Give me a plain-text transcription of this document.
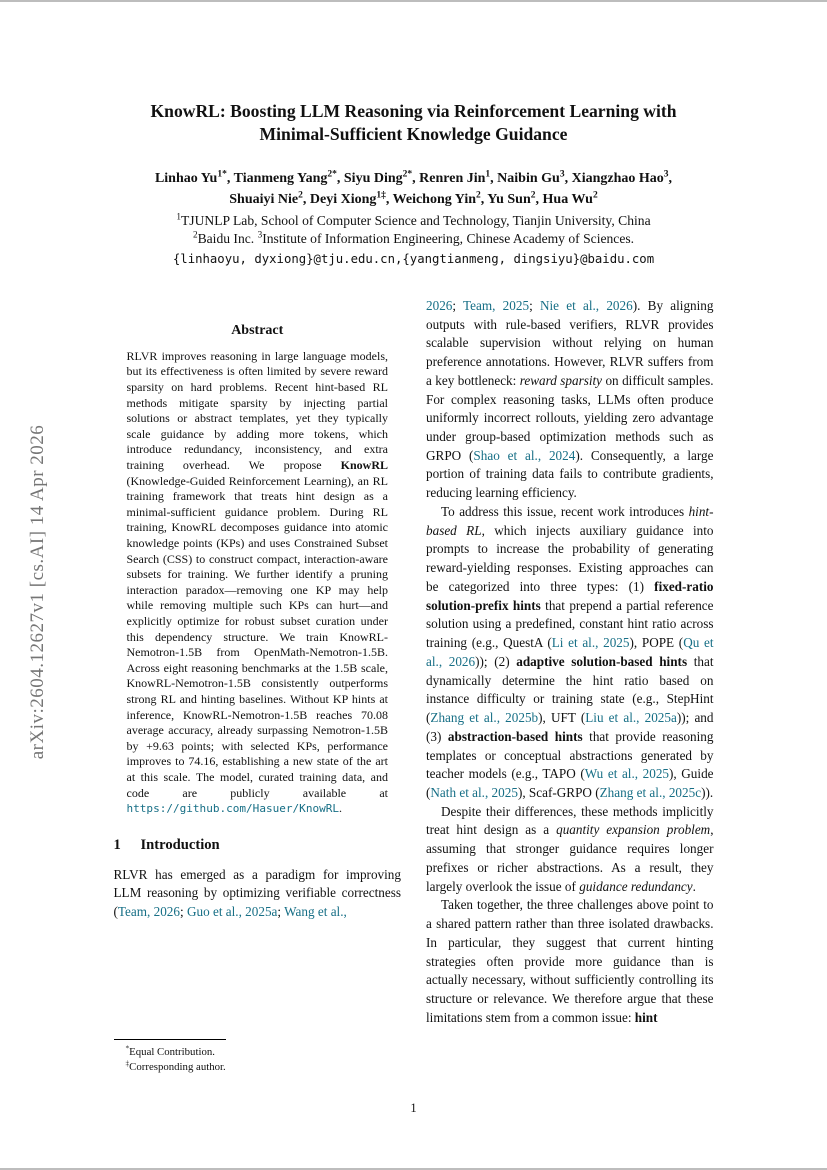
arXiv:2604.12627v1 [cs.AI] 14 Apr 2026
KnowRL: Boosting LLM Reasoning via Reinforcement Learning with
Minimal-Sufficient Knowledge Guidance

Linhao $Yu^{1*}$, Tianmeng Yang$^{2*}$, Siyu Ding$^{2*}$, Renren Jin$^1$, Naibin Gu$^3$, Xiangzhao Hao$^3$,

Shuaiyi Nie$^2$, Deyi Xiong$^{1\ddagger}$, Weichong Yin$^2$, Yu Sun$^2$, Hua Wu$^2$

$^1$TJUNLP Lab, School of Computer Science and Technology, Tianjin University, China

$^2$Baidu Inc. $^3$Institute of Information Engineering, Chinese Academy of Sciences.

{linhaoyu, dyxiong}@tju.edu.cn,{yangtianmeng, dingsiyu}@baidu.com

Abstract

RLVR improves reasoning in large language models, but its effectiveness is often limited by severe reward sparsity on hard problems. Recent hint-based RL methods mitigate sparsity by injecting partial solutions or abstract templates, yet they typically scale guidance by adding more tokens, which introduce redundancy, inconsistency, and extra training overhead. We propose KnowRL (Knowledge-Guided Reinforcement Learning), an RL training framework that treats hint design as a minimal-sufficient guidance problem. During RL training, KnowRL decomposes guidance into atomic knowledge points (KPs) and uses Constrained Subset Search (CSS) to construct compact, interaction-aware subsets for training. We further identify a pruning interaction paradox—removing one KP may help while removing multiple such KPs can hurt—and explicitly optimize for robust subset curation under this dependency structure. We train KnowRL-Nemotron-1.5B from OpenMath-Nemotron-1.5B. Across eight reasoning benchmarks at the 1.5B scale, KnowRL-Nemotron-1.5B consistently outperforms strong RL and hinting baselines. Without KP hints at inference, KnowRL-Nemotron-1.5B reaches 70.08 average accuracy, already surpassing Nemotron-1.5B by +9.63 points; with selected KPs, performance improves to 74.16, establishing a new state of the art at this scale. The model, curated training data, and code are publicly available at https://github.com/Hasuer/KnowRL.

1 Introduction

RLVR has emerged as a paradigm for improving LLM reasoning by optimizing verifiable correctness (Team, 2026; Guo et al., 2025a; Wang et al.,

*Equal Contribution.

‡Corresponding author.

2026; Team, 2025; Nie et al., 2026). By aligning outputs with rule-based verifiers, RLVR provides scalable supervision without relying on human preference annotations. However, RLVR suffers from a key bottleneck: reward sparsity on difficult samples. For complex reasoning tasks, LLMs often produce uniformly incorrect rollouts, yielding zero advantage under group-based optimization methods such as GRPO (Shao et al., 2024). Consequently, a large portion of training data fails to contribute gradients, reducing learning efficiency.

To address this issue, recent work introduces hint-based RL, which injects auxiliary guidance into prompts to increase the probability of generating reward-yielding responses. Existing approaches can be categorized into three types: (1) fixed-ratio solution-prefix hints that prepend a partial reference solution using a predefined, constant hint ratio across training (e.g., QuestA (Li et al., 2025), POPE (Qu et al., 2026)); (2) adaptive solution-based hints that dynamically determine the hint ratio based on instance difficulty or training state (e.g., StepHint (Zhang et al., 2025b), UFT (Liu et al., 2025a)); and (3) abstraction-based hints that provide reasoning templates or conceptual abstractions generated by teacher models (e.g., TAPO (Wu et al., 2025), Guide (Nath et al., 2025), Scaf-GRPO (Zhang et al., 2025c)).

Despite their differences, these methods implicitly treat hint design as a quantity expansion problem, assuming that stronger guidance requires longer prefixes or richer abstractions. As a result, they largely overlook the issue of guidance redundancy.

Taken together, the three challenges above point to a shared pattern rather than three isolated drawbacks. In particular, they suggest that current hinting strategies often provide more guidance than is actually necessary, without sufficiently controlling its structure or relevance. We therefore argue that these limitations stem from a common issue: hint

1
